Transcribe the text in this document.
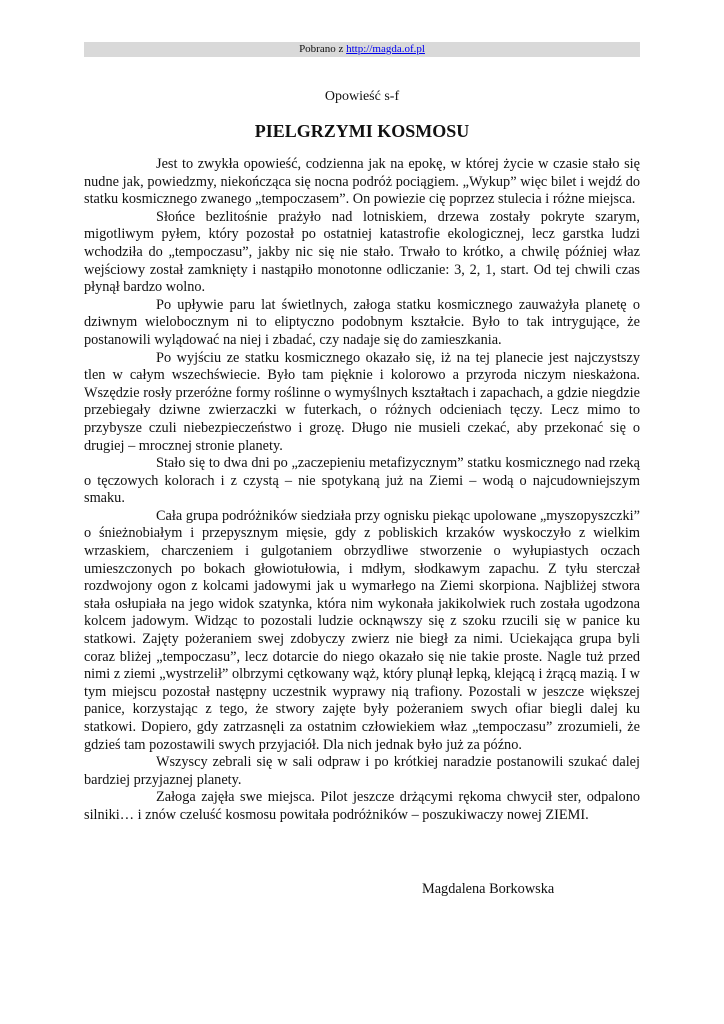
Pobrano z http://magda.of.pl
Opowieść s-f
PIELGRZYMI KOSMOSU

Jest to zwykła opowieść, codzienna jak na epokę, w której życie w czasie stało się nudne jak, powiedzmy, niekończąca się nocna podróż pociągiem. „Wykup” więc bilet i wejdź do statku kosmicznego zwanego „tempoczasem”. On powiezie cię poprzez stulecia i różne miejsca.

Słońce bezlitośnie prażyło nad lotniskiem, drzewa zostały pokryte szarym, migotliwym pyłem, który pozostał po ostatniej katastrofie ekologicznej, lecz garstka ludzi wchodziła do „tempoczasu”, jakby nic się nie stało. Trwało to krótko, a chwilę później właz wejściowy został zamknięty i nastąpiło monotonne odliczanie: 3, 2, 1, start. Od tej chwili czas płynął bardzo wolno.

Po upływie paru lat świetlnych, załoga statku kosmicznego zauważyła planetę o dziwnym wielobocznym ni to eliptyczno podobnym kształcie. Było to tak intrygujące, że postanowili wylądować na niej i zbadać, czy nadaje się do zamieszkania.

Po wyjściu ze statku kosmicznego okazało się, iż na tej planecie jest najczystszy tlen w całym wszechświecie. Było tam pięknie i kolorowo a przyroda niczym nieskażona. Wszędzie rosły przeróżne formy roślinne o wymyślnych kształtach i zapachach, a gdzie niegdzie przebiegały dziwne zwierzaczki w futerkach, o różnych odcieniach tęczy. Lecz mimo to przybysze czuli niebezpieczeństwo i grozę. Długo nie musieli czekać, aby przekonać się o drugiej – mrocznej stronie planety.

Stało się to dwa dni po „zaczepieniu metafizycznym” statku kosmicznego nad rzeką o tęczowych kolorach i z czystą – nie spotykaną już na Ziemi – wodą o najcudowniejszym smaku.

Cała grupa podróżników siedziała przy ognisku piekąc upolowane „myszopyszczki” o śnieżnobiałym i przepysznym mięsie, gdy z pobliskich krzaków wyskoczyło z wielkim wrzaskiem, charczeniem i gulgotaniem obrzydliwe stworzenie o wyłupiastych oczach umieszczonych po bokach głowiotułowia, i mdłym, słodkawym zapachu. Z tyłu sterczał rozdwojony ogon z kolcami jadowymi jak u wymarłego na Ziemi skorpiona. Najbliżej stwora stała osłupiała na jego widok szatynka, która nim wykonała jakikolwiek ruch została ugodzona kolcem jadowym. Widząc to pozostali ludzie ocknąwszy się z szoku rzucili się w panice ku statkowi. Zajęty pożeraniem swej zdobyczy zwierz nie biegł za nimi. Uciekająca grupa byli coraz bliżej „tempoczasu”, lecz dotarcie do niego okazało się nie takie proste. Nagle tuż przed nimi z ziemi „wystrzelił” olbrzymi cętkowany wąż, który plunął lepką, klejącą i żrącą mazią. I w tym miejscu pozostał następny uczestnik wyprawy nią trafiony. Pozostali w jeszcze większej panice, korzystając z tego, że stwory zajęte były pożeraniem swych ofiar biegli dalej ku statkowi. Dopiero, gdy zatrzasnęli za ostatnim człowiekiem właz „tempoczasu” zrozumieli, że gdzieś tam pozostawili swych przyjaciół. Dla nich jednak było już za późno.

Wszyscy zebrali się w sali odpraw i po krótkiej naradzie postanowili szukać dalej bardziej przyjaznej planety.

Załoga zajęła swe miejsca. Pilot jeszcze drżącymi rękoma chwycił ster, odpalono silniki… i znów czeluść kosmosu powitała podróżników – poszukiwaczy nowej ZIEMI.

Magdalena Borkowska
